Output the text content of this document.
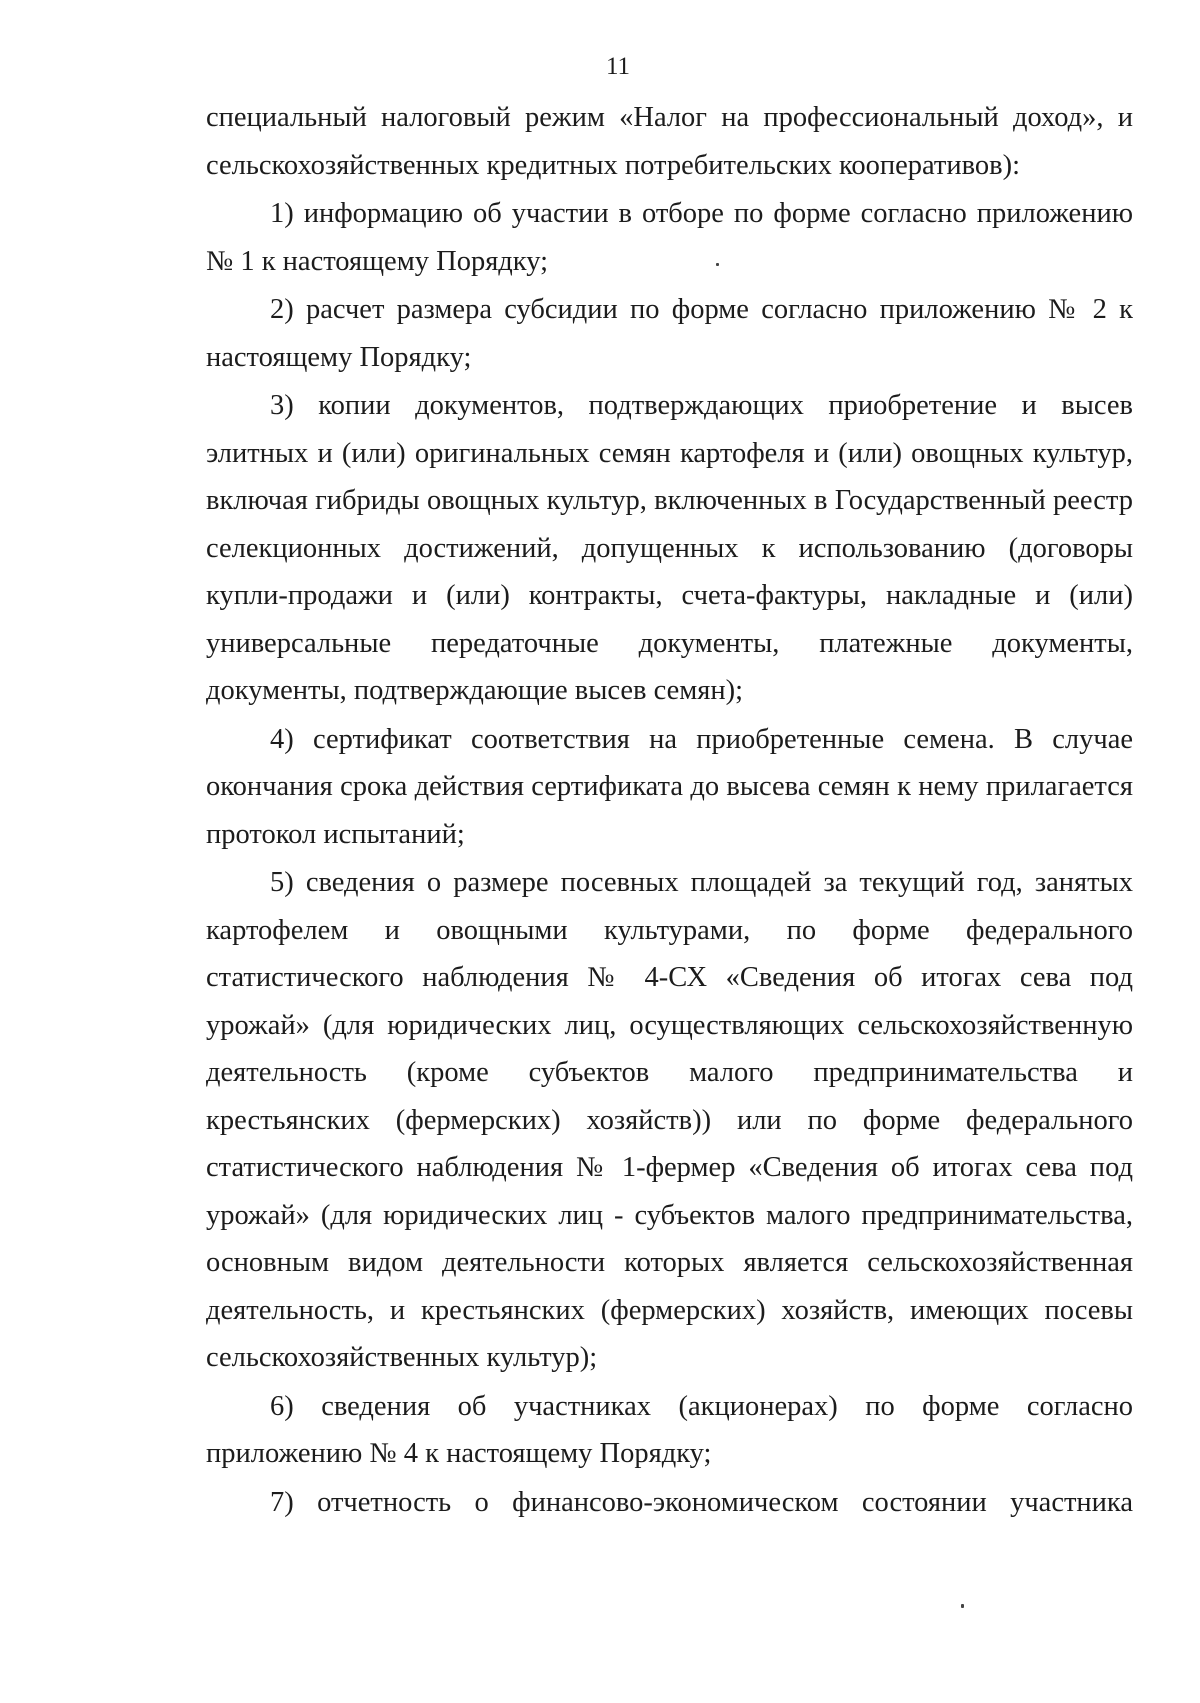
11

специальный налоговый режим «Налог на профессиональный доход», и сельскохозяйственных кредитных потребительских кооперативов):

1) информацию об участии в отборе по форме согласно приложению № 1 к настоящему Порядку;

2) расчет размера субсидии по форме согласно приложению № 2 к настоящему Порядку;

3) копии документов, подтверждающих приобретение и высев элитных и (или) оригинальных семян картофеля и (или) овощных культур, включая гибриды овощных культур, включенных в Государственный реестр селекционных достижений, допущенных к использованию (договоры купли-продажи и (или) контракты, счета-фактуры, накладные и (или) универсальные передаточные документы, платежные документы, документы, подтверждающие высев семян);

4) сертификат соответствия на приобретенные семена. В случае окончания срока действия сертификата до высева семян к нему прилагается протокол испытаний;

5) сведения о размере посевных площадей за текущий год, занятых картофелем и овощными культурами, по форме федерального статистического наблюдения № 4-СХ «Сведения об итогах сева под урожай» (для юридических лиц, осуществляющих сельскохозяйственную деятельность (кроме субъектов малого предпринимательства и крестьянских (фермерских) хозяйств)) или по форме федерального статистического наблюдения № 1-фермер «Сведения об итогах сева под урожай» (для юридических лиц - субъектов малого предпринимательства, основным видом деятельности которых является сельскохозяйственная деятельность, и крестьянских (фермерских) хозяйств, имеющих посевы сельскохозяйственных культур);

6) сведения об участниках (акционерах) по форме согласно приложению № 4 к настоящему Порядку;

7) отчетность о финансово-экономическом состоянии участника
